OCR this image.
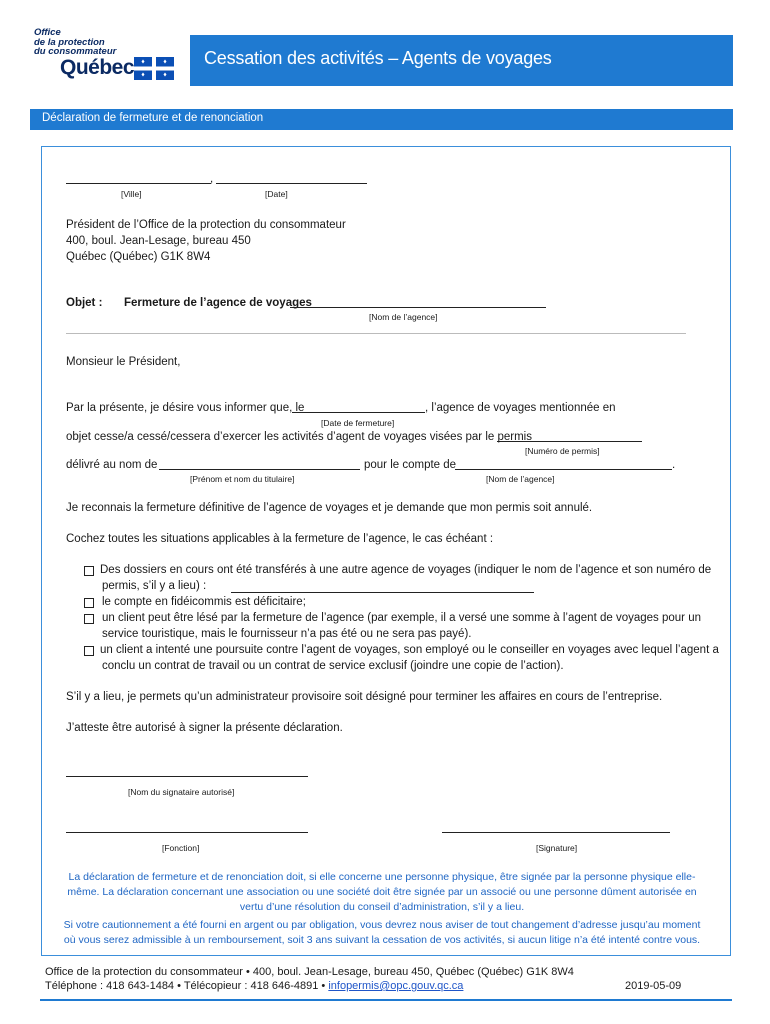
Office
de la protection
du consommateur
Québec	Cessation des activités – Agents de voyages
Déclaration de fermeture et de renonciation
,
[Ville]	[Date]
Président de l’Office de la protection du consommateur
400, boul. Jean-Lesage, bureau 450
Québec (Québec) G1K 8W4
Objet : Fermeture de l’agence de voyages
[Nom de l’agence]
Monsieur le Président,
Par la présente, je désire vous informer que, le	, l’agence de voyages mentionnée en
[Date de fermeture]
objet cesse/a cessé/cessera d’exercer les activités d’agent de voyages visées par le permis
[Numéro de permis]
délivré au nom de	pour le compte de	.
[Prénom et nom du titulaire]	[Nom de l’agence]
Je reconnais la fermeture définitive de l’agence de voyages et je demande que mon permis soit annulé.
Cochez toutes les situations applicables à la fermeture de l’agence, le cas échéant :
Des dossiers en cours ont été transférés à une autre agence de voyages (indiquer le nom de l’agence et son numéro de
permis, s’il y a lieu) :
le compte en fidéicommis est déficitaire;
un client peut être lésé par la fermeture de l’agence (par exemple, il a versé une somme à l’agent de voyages pour un
service touristique, mais le fournisseur n’a pas été ou ne sera pas payé).
un client a intenté une poursuite contre l’agent de voyages, son employé ou le conseiller en voyages avec lequel l’agent a
conclu un contrat de travail ou un contrat de service exclusif (joindre une copie de l’action).
S’il y a lieu, je permets qu’un administrateur provisoire soit désigné pour terminer les affaires en cours de l’entreprise.
J’atteste être autorisé à signer la présente déclaration.
[Nom du signataire autorisé]
[Fonction]	[Signature]
La déclaration de fermeture et de renonciation doit, si elle concerne une personne physique, être signée par la personne physique elle-même. La déclaration concernant une association ou une société doit être signée par un associé ou une personne dûment autorisée en vertu d’une résolution du conseil d’administration, s’il y a lieu.
Si votre cautionnement a été fourni en argent ou par obligation, vous devrez nous aviser de tout changement d’adresse jusqu’au moment où vous serez admissible à un remboursement, soit 3 ans suivant la cessation de vos activités, si aucun litige n’a été intenté contre vous.
Office de la protection du consommateur • 400, boul. Jean-Lesage, bureau 450, Québec (Québec) G1K 8W4
Téléphone : 418 643-1484 • Télécopieur : 418 646-4891 • infopermis@opc.gouv.qc.ca	2019-05-09
